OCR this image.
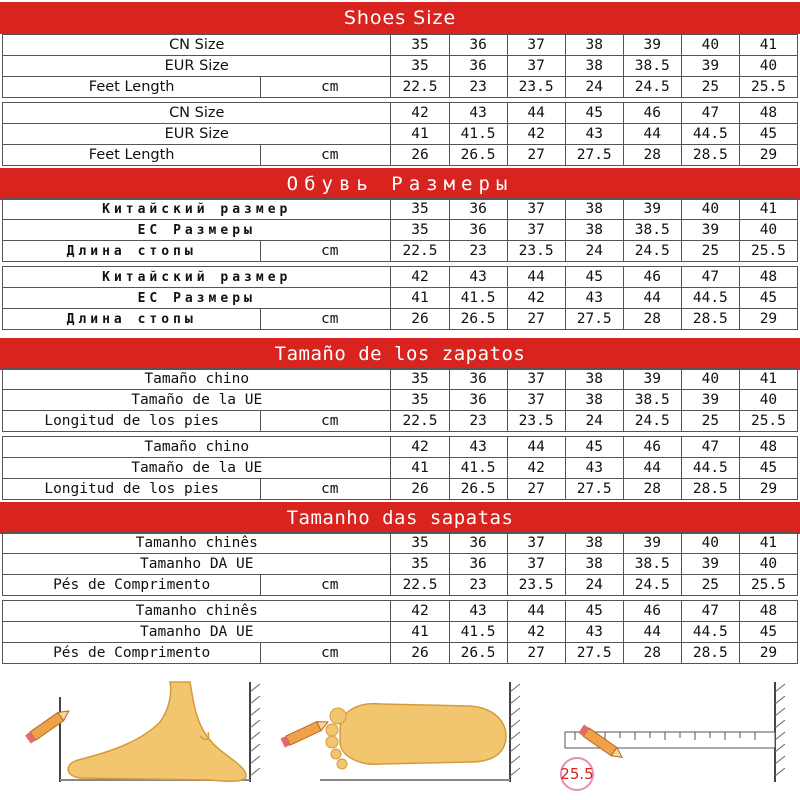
Shoes Size
CN Size		35	36	37	38	39	40	41
EUR Size		35	36	37	38	38.5	39	40
Feet Length	cm	22.5	23	23.5	24	24.5	25	25.5
CN Size		42	43	44	45	46	47	48
EUR Size		41	41.5	42	43	44	44.5	45
Feet Length	cm	26	26.5	27	27.5	28	28.5	29
Обувь Размеры
Китайский размер		35	36	37	38	39	40	41
ЕС Размеры		35	36	37	38	38.5	39	40
Длина стопы	cm	22.5	23	23.5	24	24.5	25	25.5
Китайский размер		42	43	44	45	46	47	48
ЕС Размеры		41	41.5	42	43	44	44.5	45
Длина стопы	cm	26	26.5	27	27.5	28	28.5	29
Tamaño de los zapatos
Tamaño chino		35	36	37	38	39	40	41
Tamaño de la UE		35	36	37	38	38.5	39	40
Longitud de los pies	cm	22.5	23	23.5	24	24.5	25	25.5
Tamaño chino		42	43	44	45	46	47	48
Tamaño de la UE		41	41.5	42	43	44	44.5	45
Longitud de los pies	cm	26	26.5	27	27.5	28	28.5	29
Tamanho das sapatas
Tamanho chinês		35	36	37	38	39	40	41
Tamanho DA UE		35	36	37	38	38.5	39	40
Pés de Comprimento	cm	22.5	23	23.5	24	24.5	25	25.5
Tamanho chinês		42	43	44	45	46	47	48
Tamanho DA UE		41	41.5	42	43	44	44.5	45
Pés de Comprimento	cm	26	26.5	27	27.5	28	28.5	29
25.5
